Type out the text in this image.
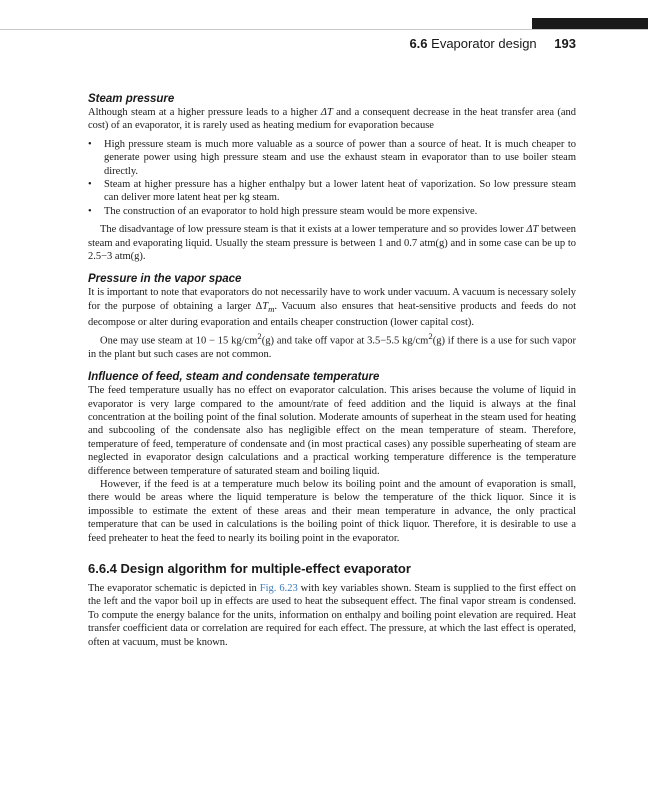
6.6 Evaporator design 193
Steam pressure

Although steam at a higher pressure leads to a higher ΔT and a consequent decrease in the heat transfer area (and cost) of an evaporator, it is rarely used as heating medium for evaporation because

• High pressure steam is much more valuable as a source of power than a source of heat. It is much cheaper to generate power using high pressure steam and use the exhaust steam in evaporator than to use boiler steam directly.
• Steam at higher pressure has a higher enthalpy but a lower latent heat of vaporization. So low pressure steam can deliver more latent heat per kg steam.
• The construction of an evaporator to hold high pressure steam would be more expensive.

The disadvantage of low pressure steam is that it exists at a lower temperature and so provides lower ΔT between steam and evaporating liquid. Usually the steam pressure is between 1 and 0.7 atm(g) and in some case can be up to 2.5−3 atm(g).

Pressure in the vapor space

It is important to note that evaporators do not necessarily have to work under vacuum. A vacuum is necessary solely for the purpose of obtaining a larger $\Delta T_m$. Vacuum also ensures that heat-sensitive products and feeds do not decompose or alter during evaporation and entails cheaper construction (lower capital cost).

One may use steam at 10 − 15 $kg/cm^2(g)$ and take off vapor at 3.5−5.5 $kg/cm^2(g)$ if there is a use for such vapor in the plant but such cases are not common.

Influence of feed, steam and condensate temperature

The feed temperature usually has no effect on evaporator calculation. This arises because the volume of liquid in evaporator is very large compared to the amount/rate of feed addition and the liquid is always at the final concentration at the boiling point of the final solution. Moderate amounts of superheat in the steam used for heating and subcooling of the condensate also has negligible effect on the mean temperature of steam. Therefore, temperature of feed, temperature of condensate and (in most practical cases) any possible superheating of steam are neglected in evaporator design calculations and a practical working temperature difference is the temperature difference between temperature of saturated steam and boiling liquid.

However, if the feed is at a temperature much below its boiling point and the amount of evaporation is small, there would be areas where the liquid temperature is below the temperature of the thick liquor. Since it is impossible to estimate the extent of these areas and their mean temperature in advance, the only practical temperature that can be used in calculations is the boiling point of thick liquor. Therefore, it is desirable to use a feed preheater to heat the feed to nearly its boiling point in the evaporator.

6.6.4 Design algorithm for multiple-effect evaporator

The evaporator schematic is depicted in Fig. 6.23 with key variables shown. Steam is supplied to the first effect on the left and the vapor boil up in effects are used to heat the subsequent effect. The final vapor stream is condensed. To compute the energy balance for the units, information on enthalpy and boiling point elevation are required. Heat transfer coefficient data or correlation are required for each effect. The pressure, at which the last effect is operated, often at vacuum, must be known.
